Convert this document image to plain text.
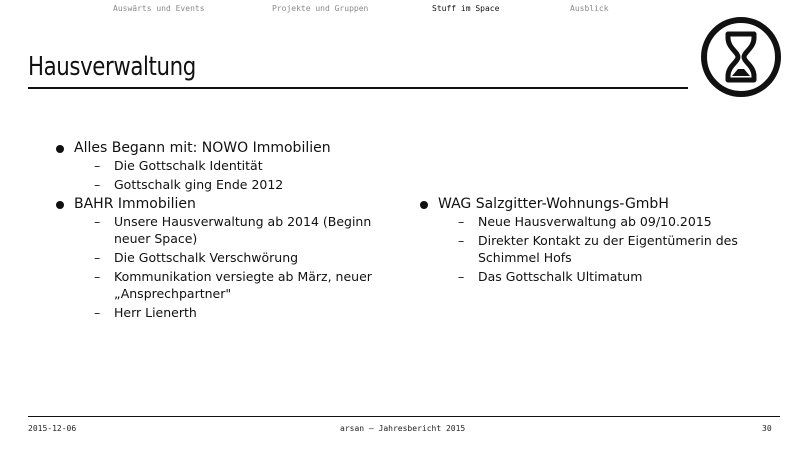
Auswärts und Events	Projekte und Gruppen	Stuff im Space	Ausblick
Hausverwaltung
Alles Begann mit: NOWO Immobilien
– Die Gottschalk Identität
– Gottschalk ging Ende 2012
BAHR Immobilien
– Unsere Hausverwaltung ab 2014 (Beginn neuer Space)
– Die Gottschalk Verschwörung
– Kommunikation versiegte ab März, neuer „Ansprechpartner"
– Herr Lienerth
WAG Salzgitter-Wohnungs-GmbH
– Neue Hausverwaltung ab 09/10.2015
– Direkter Kontakt zu der Eigentümerin des Schimmel Hofs
– Das Gottschalk Ultimatum
2015-12-06	arsan — Jahresbericht 2015	30
